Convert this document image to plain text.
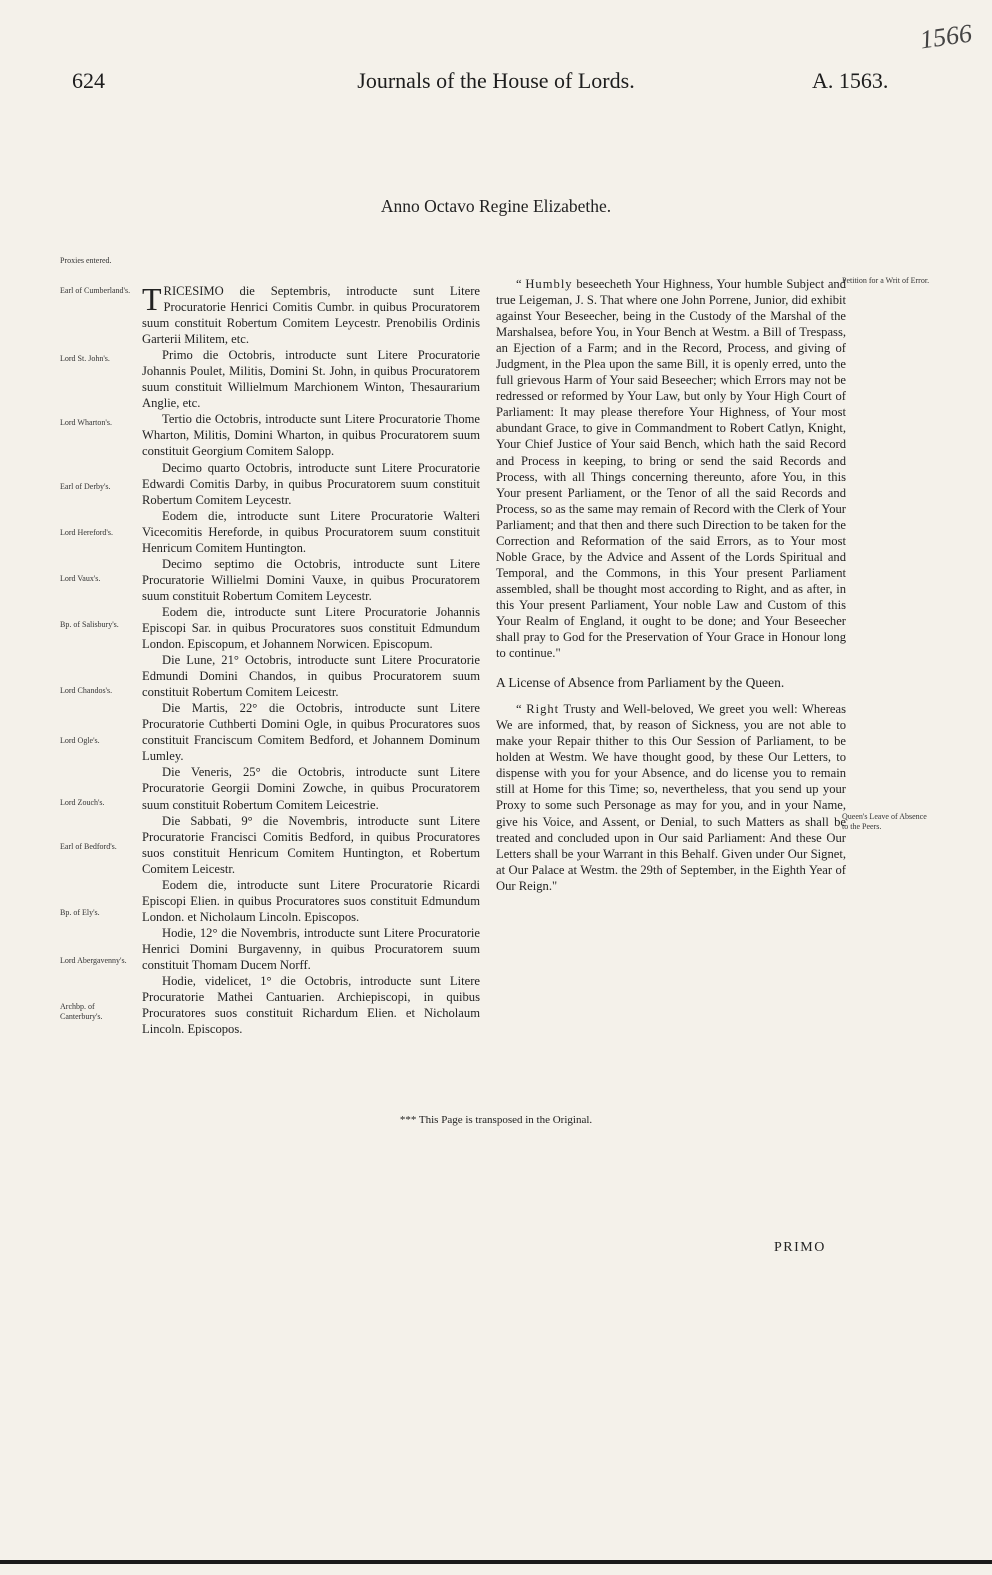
624	Journals of the House of Lords.	A. 1563.
1566
Anno Octavo Regine Elizabethe.
Proxies entered.
Earl of Cumberland's.
Lord St. John's.
Lord Wharton's.
Earl of Derby's.
Lord Hereford's.
Lord Vaux's.
Bp. of Salisbury's.
Lord Chandos's.
Lord Ogle's.
Lord Zouch's.
Earl of Bedford's.
Bp. of Ely's.
Lord Abergavenny's.
Archbp. of Canterbury's.

TRICESIMO die Septembris, introducte sunt Litere Procuratorie Henrici Comitis Cumbr. in quibus Procuratorem suum constituit Robertum Comitem Leycestr. Prenobilis Ordinis Garterii Militem, etc.

Primo die Octobris, introducte sunt Litere Procuratorie Johannis Poulet, Militis, Domini St. John, in quibus Procuratorem suum constituit Willielmum Marchionem Winton, Thesaurarium Anglie, etc.

Tertio die Octobris, introducte sunt Litere Procuratorie Thome Wharton, Militis, Domini Wharton, in quibus Procuratorem suum constituit Georgium Comitem Salopp.

Decimo quarto Octobris, introducte sunt Litere Procuratorie Edwardi Comitis Darby, in quibus Procuratorem suum constituit Robertum Comitem Leycestr.

Eodem die, introducte sunt Litere Procuratorie Walteri Vicecomitis Hereforde, in quibus Procuratorem suum constituit Henricum Comitem Huntington.

Decimo septimo die Octobris, introducte sunt Litere Procuratorie Willielmi Domini Vauxe, in quibus Procuratorem suum constituit Robertum Comitem Leycestr.

Eodem die, introducte sunt Litere Procuratorie Johannis Episcopi Sar. in quibus Procuratores suos constituit Edmundum London. Episcopum, et Johannem Norwicen. Episcopum.

Die Lune, 21° Octobris, introducte sunt Litere Procuratorie Edmundi Domini Chandos, in quibus Procuratorem suum constituit Robertum Comitem Leicestr.

Die Martis, 22° die Octobris, introducte sunt Litere Procuratorie Cuthberti Domini Ogle, in quibus Procuratores suos constituit Franciscum Comitem Bedford, et Johannem Dominum Lumley.

Die Veneris, 25° die Octobris, introducte sunt Litere Procuratorie Georgii Domini Zowche, in quibus Procuratorem suum constituit Robertum Comitem Leicestrie.

Die Sabbati, 9° die Novembris, introducte sunt Litere Procuratorie Francisci Comitis Bedford, in quibus Procuratores suos constituit Henricum Comitem Huntington, et Robertum Comitem Leicestr.

Eodem die, introducte sunt Litere Procuratorie Ricardi Episcopi Elien. in quibus Procuratores suos constituit Edmundum London. et Nicholaum Lincoln. Episcopos.

Hodie, 12° die Novembris, introducte sunt Litere Procuratorie Henrici Domini Burgavenny, in quibus Procuratorem suum constituit Thomam Ducem Norff.

Hodie, videlicet, 1° die Octobris, introducte sunt Litere Procuratorie Mathei Cantuarien. Archiepiscopi, in quibus Procuratores suos constituit Richardum Elien. et Nicholaum Lincoln. Episcopos.

Petition for a Writ of Error.
Queen's Leave of Absence to the Peers.

“ Humbly beseecheth Your Highness, Your humble Subject and true Leigeman, J. S. That where one John Porrene, Junior, did exhibit against Your Beseecher, being in the Custody of the Marshal of the Marshalsea, before You, in Your Bench at Westm. a Bill of Trespass, an Ejection of a Farm; and in the Record, Process, and giving of Judgment, in the Plea upon the same Bill, it is openly erred, unto the full grievous Harm of Your said Beseecher; which Errors may not be redressed or reformed by Your Law, but only by Your High Court of Parliament: It may please therefore Your Highness, of Your most abundant Grace, to give in Commandment to Robert Catlyn, Knight, Your Chief Justice of Your said Bench, which hath the said Record and Process in keeping, to bring or send the said Records and Process, with all Things concerning thereunto, afore You, in this Your present Parliament, or the Tenor of all the said Records and Process, so as the same may remain of Record with the Clerk of Your Parliament; and that then and there such Direction to be taken for the Correction and Reformation of the said Errors, as to Your most Noble Grace, by the Advice and Assent of the Lords Spiritual and Temporal, and the Commons, in this Your present Parliament assembled, shall be thought most according to Right, and as after, in this Your present Parliament, Your noble Law and Custom of this Your Realm of England, it ought to be done; and Your Beseecher shall pray to God for the Preservation of Your Grace in Honour long to continue."

A License of Absence from Parliament by the Queen.

“ Right Trusty and Well-beloved, We greet you well: Whereas We are informed, that, by reason of Sickness, you are not able to make your Repair thither to this Our Session of Parliament, to be holden at Westm. We have thought good, by these Our Letters, to dispense with you for your Absence, and do license you to remain still at Home for this Time; so, nevertheless, that you send up your Proxy to some such Personage as may for you, and in your Name, give his Voice, and Assent, or Denial, to such Matters as shall be treated and concluded upon in Our said Parliament: And these Our Letters shall be your Warrant in this Behalf. Given under Our Signet, at Our Palace at Westm. the 29th of September, in the Eighth Year of Our Reign."

*** This Page is transposed in the Original.
PRIMO
